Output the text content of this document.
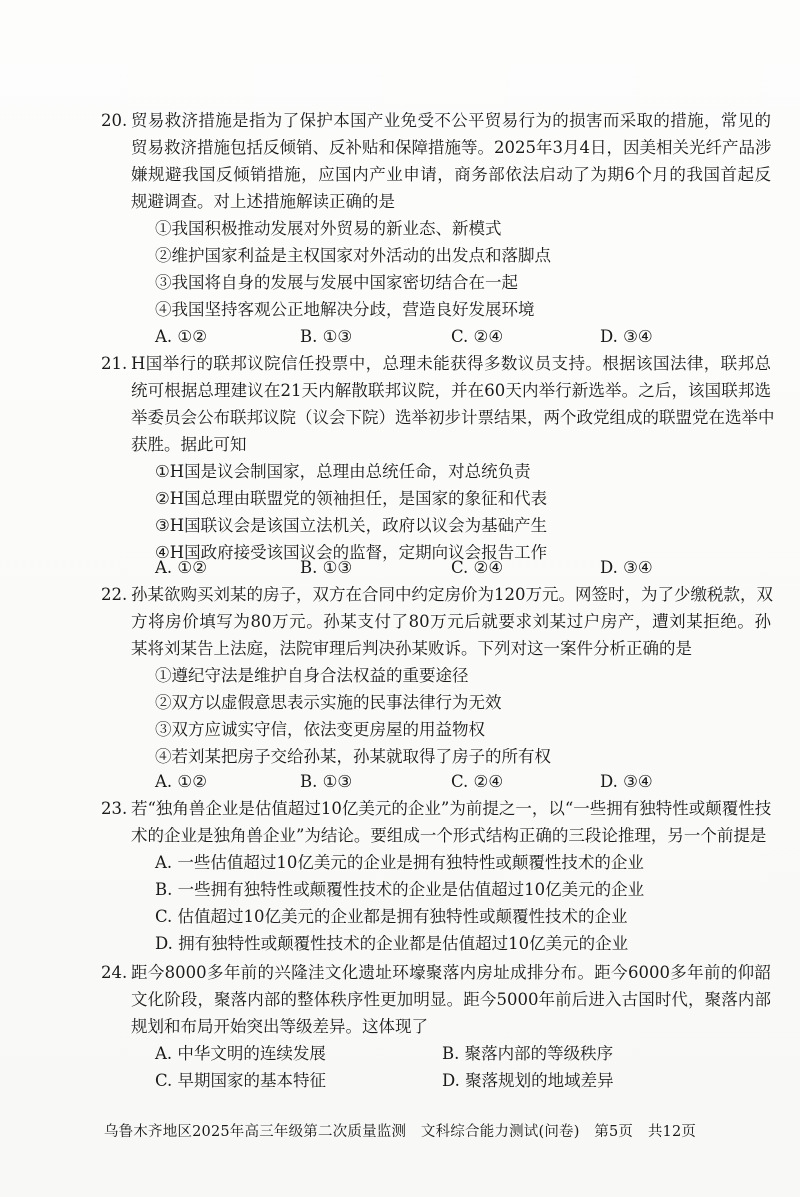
20. 贸易救济措施是指为了保护本国产业免受不公平贸易行为的损害而采取的措施，常见的
贸易救济措施包括反倾销、反补贴和保障措施等。2025年3月4日，因美相关光纤产品涉
嫌规避我国反倾销措施，应国内产业申请，商务部依法启动了为期6个月的我国首起反
规避调查。对上述措施解读正确的是
①我国积极推动发展对外贸易的新业态、新模式
②维护国家利益是主权国家对外活动的出发点和落脚点
③我国将自身的发展与发展中国家密切结合在一起
④我国坚持客观公正地解决分歧，营造良好发展环境
A. ①②	B. ①③	C. ②④	D. ③④
21. H国举行的联邦议院信任投票中，总理未能获得多数议员支持。根据该国法律，联邦总
统可根据总理建议在21天内解散联邦议院，并在60天内举行新选举。之后，该国联邦选
举委员会公布联邦议院（议会下院）选举初步计票结果，两个政党组成的联盟党在选举中
获胜。据此可知
①H国是议会制国家，总理由总统任命，对总统负责
②H国总理由联盟党的领袖担任，是国家的象征和代表
③H国联议会是该国立法机关，政府以议会为基础产生
④H国政府接受该国议会的监督，定期向议会报告工作
A. ①②	B. ①③	C. ②④	D. ③④
22. 孙某欲购买刘某的房子，双方在合同中约定房价为120万元。网签时，为了少缴税款，双
方将房价填写为80万元。孙某支付了80万元后就要求刘某过户房产，遭刘某拒绝。孙
某将刘某告上法庭，法院审理后判决孙某败诉。下列对这一案件分析正确的是
①遵纪守法是维护自身合法权益的重要途径
②双方以虚假意思表示实施的民事法律行为无效
③双方应诚实守信，依法变更房屋的用益物权
④若刘某把房子交给孙某，孙某就取得了房子的所有权
A. ①②	B. ①③	C. ②④	D. ③④
23. 若“独角兽企业是估值超过10亿美元的企业”为前提之一，以“一些拥有独特性或颠覆性技
术的企业是独角兽企业”为结论。要组成一个形式结构正确的三段论推理，另一个前提是
A. 一些估值超过10亿美元的企业是拥有独特性或颠覆性技术的企业
B. 一些拥有独特性或颠覆性技术的企业是估值超过10亿美元的企业
C. 估值超过10亿美元的企业都是拥有独特性或颠覆性技术的企业
D. 拥有独特性或颠覆性技术的企业都是估值超过10亿美元的企业
24. 距今8000多年前的兴隆洼文化遗址环壕聚落内房址成排分布。距今6000多年前的仰韶
文化阶段，聚落内部的整体秩序性更加明显。距今5000年前后进入古国时代，聚落内部
规划和布局开始突出等级差异。这体现了
A. 中华文明的连续发展	B. 聚落内部的等级秩序
C. 早期国家的基本特征	D. 聚落规划的地域差异
乌鲁木齐地区2025年高三年级第二次质量监测　文科综合能力测试(问卷)　第5页　共12页
